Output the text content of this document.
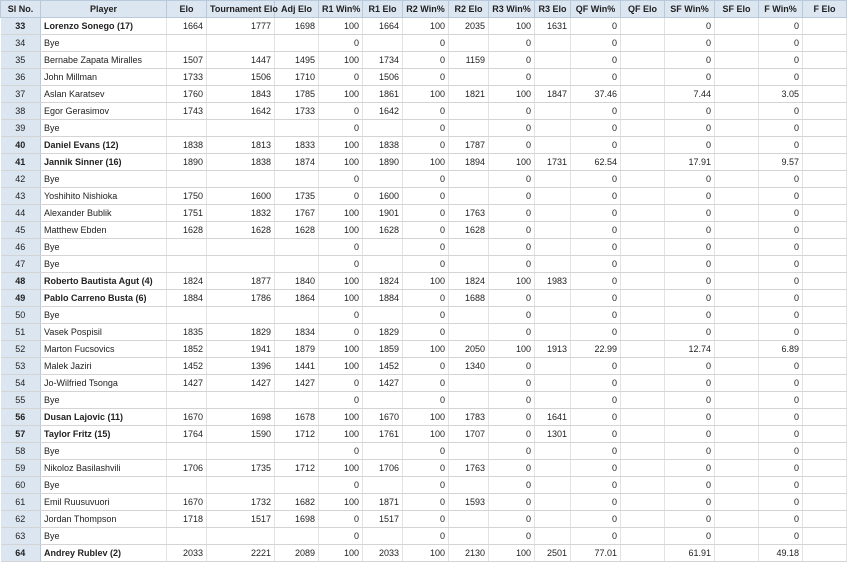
Sl No.	Player	Elo	Tournament Elo	Adj Elo	R1 Win%	R1 Elo	R2 Win%	R2 Elo	R3 Win%	R3 Elo	QF Win%	QF Elo	SF Win%	SF Elo	F Win%	F Elo
33	Lorenzo Sonego (17)	1664	1777	1698	100	1664	100	2035	100	1631	0		0		0	
34	Bye				0		0		0		0		0		0	
35	Bernabe Zapata Miralles	1507	1447	1495	100	1734	0	1159	0		0		0		0	
36	John Millman	1733	1506	1710	0	1506	0		0		0		0		0	
37	Aslan Karatsev	1760	1843	1785	100	1861	100	1821	100	1847	37.46		7.44		3.05	
38	Egor Gerasimov	1743	1642	1733	0	1642	0		0		0		0		0	
39	Bye				0		0		0		0		0		0	
40	Daniel Evans (12)	1838	1813	1833	100	1838	0	1787	0		0		0		0	
41	Jannik Sinner (16)	1890	1838	1874	100	1890	100	1894	100	1731	62.54		17.91		9.57	
42	Bye				0		0		0		0		0		0	
43	Yoshihito Nishioka	1750	1600	1735	0	1600	0		0		0		0		0	
44	Alexander Bublik	1751	1832	1767	100	1901	0	1763	0		0		0		0	
45	Matthew Ebden	1628	1628	1628	100	1628	0	1628	0		0		0		0	
46	Bye				0		0		0		0		0		0	
47	Bye				0		0		0		0		0		0	
48	Roberto Bautista Agut (4)	1824	1877	1840	100	1824	100	1824	100	1983	0		0		0	
49	Pablo Carreno Busta (6)	1884	1786	1864	100	1884	0	1688	0		0		0		0	
50	Bye				0		0		0		0		0		0	
51	Vasek Pospisil	1835	1829	1834	0	1829	0		0		0		0		0	
52	Marton Fucsovics	1852	1941	1879	100	1859	100	2050	100	1913	22.99		12.74		6.89	
53	Malek Jaziri	1452	1396	1441	100	1452	0	1340	0		0		0		0	
54	Jo-Wilfried Tsonga	1427	1427	1427	0	1427	0		0		0		0		0	
55	Bye				0		0		0		0		0		0	
56	Dusan Lajovic (11)	1670	1698	1678	100	1670	100	1783	0	1641	0		0		0	
57	Taylor Fritz (15)	1764	1590	1712	100	1761	100	1707	0	1301	0		0		0	
58	Bye				0		0		0		0		0		0	
59	Nikoloz Basilashvili	1706	1735	1712	100	1706	0	1763	0		0		0		0	
60	Bye				0		0		0		0		0		0	
61	Emil Ruusuvuori	1670	1732	1682	100	1871	0	1593	0		0		0		0	
62	Jordan Thompson	1718	1517	1698	0	1517	0		0		0		0		0	
63	Bye				0		0		0		0		0		0	
64	Andrey Rublev (2)	2033	2221	2089	100	2033	100	2130	100	2501	77.01		61.91		49.18	
